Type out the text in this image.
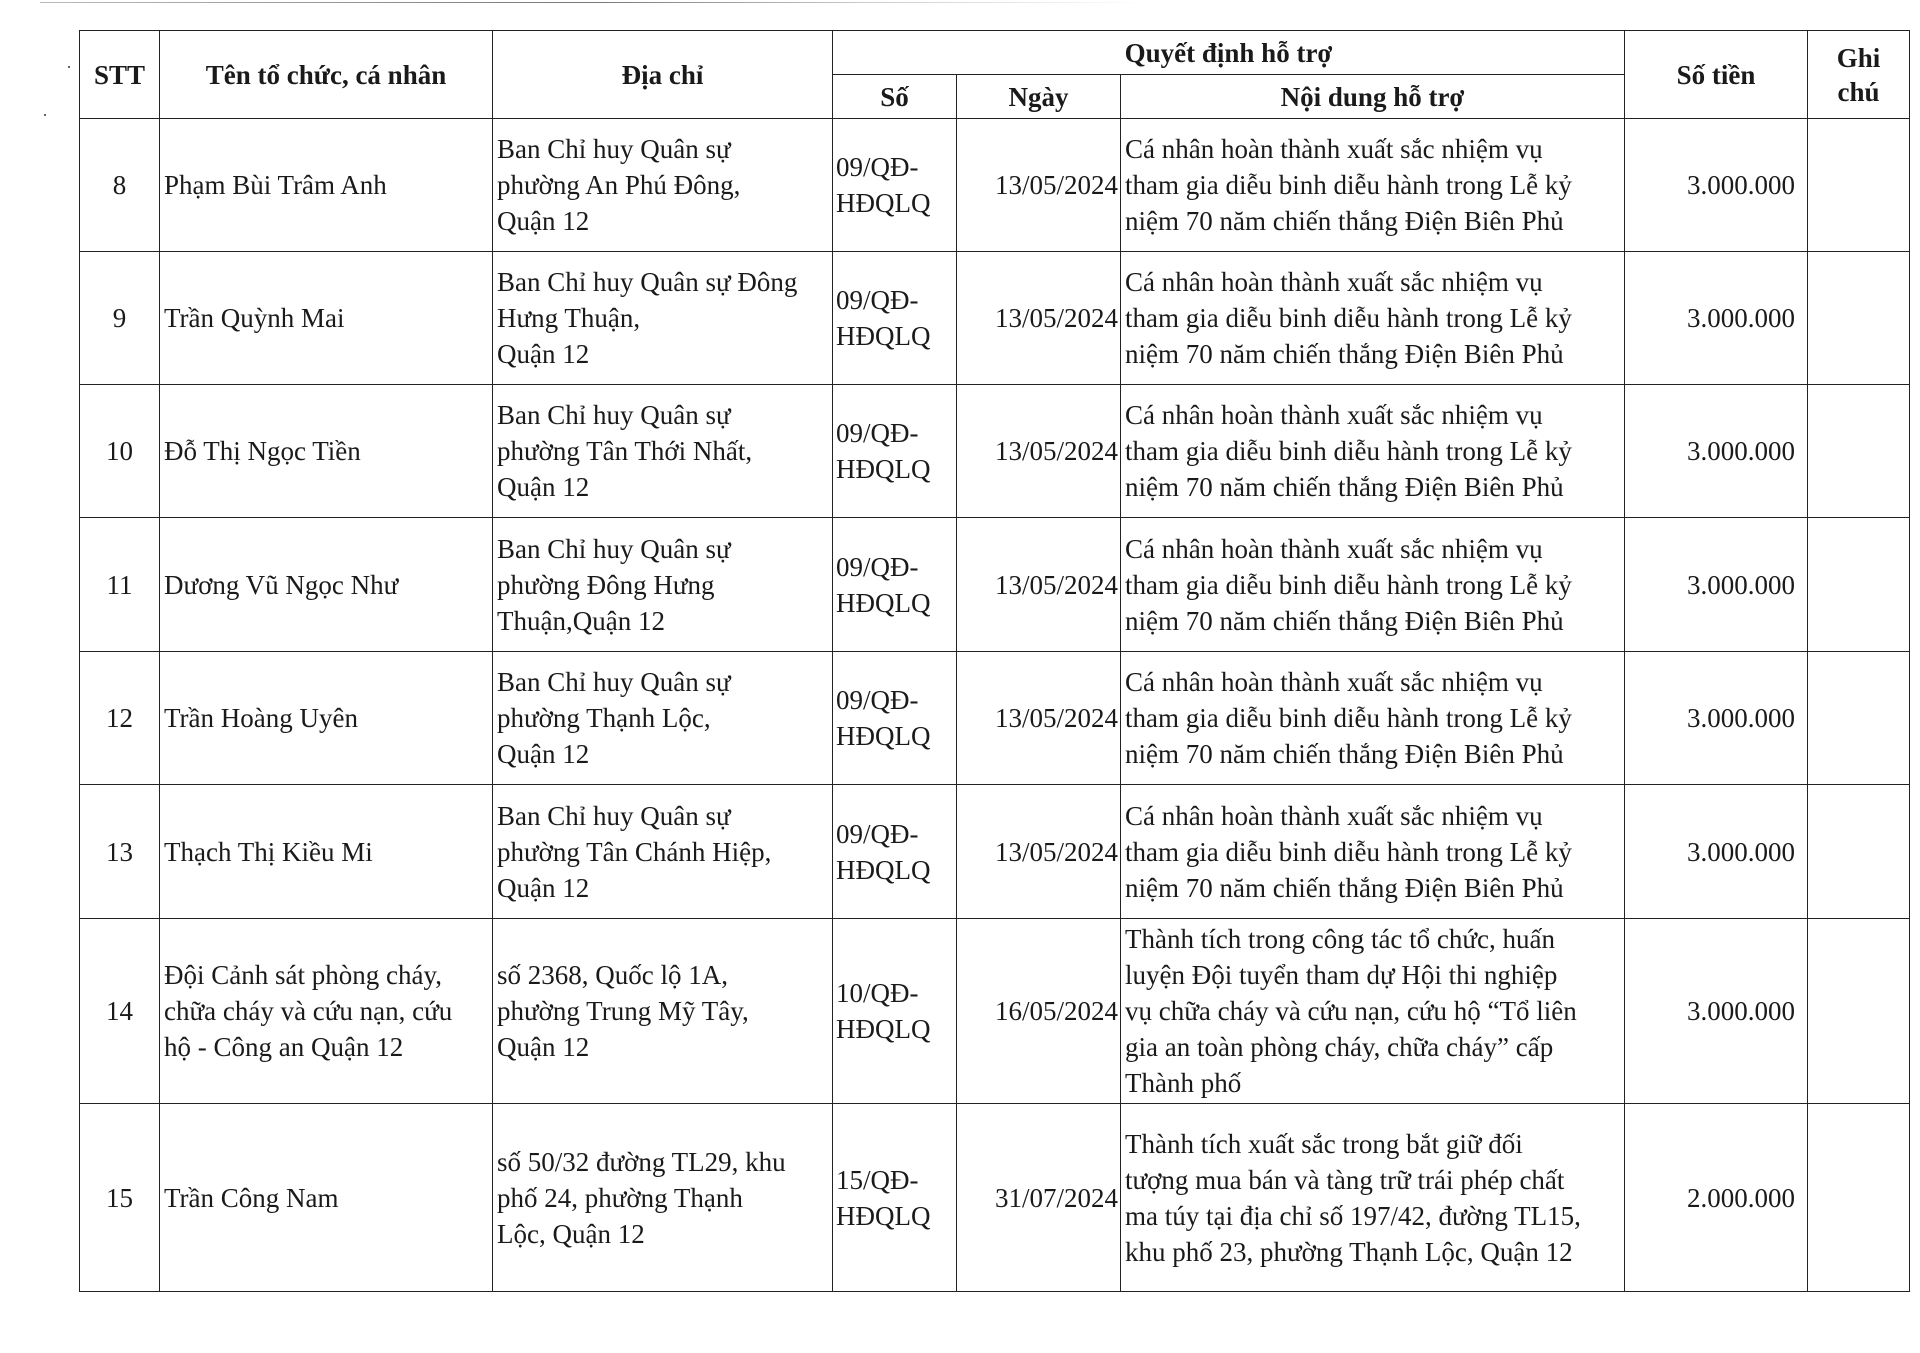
STT	Tên tổ chức, cá nhân	Địa chỉ	Quyết định hỗ trợ			Số tiền	Ghi
chú
			Số	Ngày	Nội dung hỗ trợ		
8	Phạm Bùi Trâm Anh	Ban Chỉ huy Quân sự
phường An Phú Đông,
Quận 12	09/QĐ-
HĐQLQ	13/05/2024	Cá nhân hoàn thành xuất sắc nhiệm vụ
tham gia diễu binh diễu hành trong Lễ kỷ
niệm 70 năm chiến thắng Điện Biên Phủ	3.000.000	
9	Trần Quỳnh Mai	Ban Chỉ huy Quân sự Đông
Hưng Thuận,
Quận 12	09/QĐ-
HĐQLQ	13/05/2024	Cá nhân hoàn thành xuất sắc nhiệm vụ
tham gia diễu binh diễu hành trong Lễ kỷ
niệm 70 năm chiến thắng Điện Biên Phủ	3.000.000	
10	Đỗ Thị Ngọc Tiền	Ban Chỉ huy Quân sự
phường Tân Thới Nhất,
Quận 12	09/QĐ-
HĐQLQ	13/05/2024	Cá nhân hoàn thành xuất sắc nhiệm vụ
tham gia diễu binh diễu hành trong Lễ kỷ
niệm 70 năm chiến thắng Điện Biên Phủ	3.000.000	
11	Dương Vũ Ngọc Như	Ban Chỉ huy Quân sự
phường Đông Hưng
Thuận,Quận 12	09/QĐ-
HĐQLQ	13/05/2024	Cá nhân hoàn thành xuất sắc nhiệm vụ
tham gia diễu binh diễu hành trong Lễ kỷ
niệm 70 năm chiến thắng Điện Biên Phủ	3.000.000	
12	Trần Hoàng Uyên	Ban Chỉ huy Quân sự
phường Thạnh Lộc,
Quận 12	09/QĐ-
HĐQLQ	13/05/2024	Cá nhân hoàn thành xuất sắc nhiệm vụ
tham gia diễu binh diễu hành trong Lễ kỷ
niệm 70 năm chiến thắng Điện Biên Phủ	3.000.000	
13	Thạch Thị Kiều Mi	Ban Chỉ huy Quân sự
phường Tân Chánh Hiệp,
Quận 12	09/QĐ-
HĐQLQ	13/05/2024	Cá nhân hoàn thành xuất sắc nhiệm vụ
tham gia diễu binh diễu hành trong Lễ kỷ
niệm 70 năm chiến thắng Điện Biên Phủ	3.000.000	
14	Đội Cảnh sát phòng cháy,
chữa cháy và cứu nạn, cứu
hộ - Công an Quận 12	số 2368, Quốc lộ 1A,
phường Trung Mỹ Tây,
Quận 12	10/QĐ-
HĐQLQ	16/05/2024	Thành tích trong công tác tổ chức, huấn
luyện Đội tuyển tham dự Hội thi nghiệp
vụ chữa cháy và cứu nạn, cứu hộ “Tổ liên
gia an toàn phòng cháy, chữa cháy” cấp
Thành phố	3.000.000	
15	Trần Công Nam	số 50/32 đường TL29, khu
phố 24, phường Thạnh
Lộc, Quận 12	15/QĐ-
HĐQLQ	31/07/2024	Thành tích xuất sắc trong bắt giữ đối
tượng mua bán và tàng trữ trái phép chất
ma túy tại địa chỉ số 197/42, đường TL15,
khu phố 23, phường Thạnh Lộc, Quận 12	2.000.000	
